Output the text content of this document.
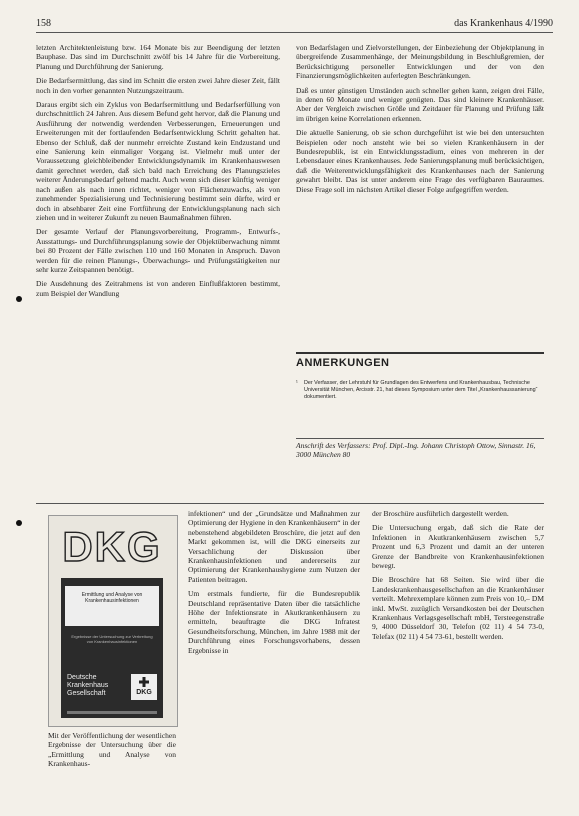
158	das Krankenhaus 4/1990

letzten Architektenleistung bzw. 164 Monate bis zur Beendigung der letzten Bauphase. Das sind im Durchschnitt zwölf bis 14 Jahre für die Vorbereitung, Planung und Durchführung der Sanierung.

Die Bedarfsermittlung, das sind im Schnitt die ersten zwei Jahre dieser Zeit, fällt noch in den vorher genannten Nutzungszeitraum.

Daraus ergibt sich ein Zyklus von Bedarfsermittlung und Bedarfserfüllung von durchschnittlich 24 Jahren. Aus diesem Befund geht hervor, daß die Planung und Ausführung der notwendig werdenden Verbesserungen, Erneuerungen und Erweiterungen mit der fortlaufenden Bedarfsentwicklung Schritt gehalten hat. Ebenso der Schluß, daß der nunmehr erreichte Zustand kein Endzustand und eine Sanierung kein einmaliger Vorgang ist. Vielmehr muß unter der Voraussetzung gleichbleibender Entwicklungsdynamik im Krankenhauswesen damit gerechnet werden, daß sich bald nach Erreichung des Planungszieles weiterer Änderungsbedarf geltend macht. Auch wenn sich dieser künftig weniger nach außen als nach innen richtet, weniger von Flächenzuwachs, als von zunehmender Spezialisierung und Technisierung bestimmt sein dürfte, wird er doch in absehbarer Zeit eine Fortführung der Entwicklungsplanung nach sich ziehen und in weiterer Zukunft zu neuen Baumaßnahmen führen.

Der gesamte Verlauf der Planungsvorbereitung, Programm-, Entwurfs-, Ausstattungs- und Durchführungsplanung sowie der Objektüberwachung nimmt bei 80 Prozent der Fälle zwischen 110 und 160 Monaten in Anspruch. Davon werden für die reinen Planungs-, Überwachungs- und Prüfungstätigkeiten nur sehr kurze Zeitspannen benötigt.

Die Ausdehnung des Zeitrahmens ist von anderen Einflußfaktoren bestimmt, zum Beispiel der Wandlung

von Bedarfslagen und Zielvorstellungen, der Einbeziehung der Objektplanung in übergreifende Zusammenhänge, der Meinungsbildung in Beschlußgremien, der Berücksichtigung personeller Entwicklungen und der von den Finanzierungsmöglichkeiten auferlegten Beschränkungen.

Daß es unter günstigen Umständen auch schneller gehen kann, zeigen drei Fälle, in denen 60 Monate und weniger genügten. Das sind kleinere Krankenhäuser. Aber der Vergleich zwischen Größe und Zeitdauer für Planung und Prüfung läßt im übrigen keine Korrelationen erkennen.

Die aktuelle Sanierung, ob sie schon durchgeführt ist wie bei den untersuchten Beispielen oder noch ansteht wie bei so vielen Krankenhäusern in der Bundesrepublik, ist ein Entwicklungsstadium, eines von mehreren in der Lebensdauer eines Krankenhauses. Jede Sanierungsplanung muß berücksichtigen, daß die Weiterentwicklungsfähigkeit des Krankenhauses nach der Sanierung gewahrt bleibt. Das ist unter anderem eine Frage des verfügbaren Bauraumes. Diese Frage soll im nächsten Artikel dieser Folge aufgegriffen werden.

ANMERKUNGEN
¹ Der Verfasser, der Lehrstuhl für Grundlagen des Entwerfens und Krankenhausbau, Technische Universität München, Arcisstr. 21, hat dieses Symposium unter dem Titel „Krankenhaussanierung“ dokumentiert.
Anschrift des Verfassers: Prof. Dipl.-Ing. Johann Christoph Ottow, Sinnastr. 16, 3000 München 80
DKG
Ermittlung und Analyse von Krankenhausinfektionen
Ergebnisse der Untersuchung zur Verbreitung von Krankenhausinfektionen
Deutsche
Krankenhaus
Gesellschaft	DKG

Mit der Veröffentlichung der wesentlichen Ergebnisse der Untersuchung über die „Ermittlung und Analyse von Krankenhaus-

infektionen“ und der „Grundsätze und Maßnahmen zur Optimierung der Hygiene in den Krankenhäusern“ in der nebenstehend abgebildeten Broschüre, die jetzt auf den Markt gekommen ist, will die DKG einerseits zur Versachlichung der Diskussion über Krankenhausinfektionen und andererseits zur Optimierung der Krankenhaushygiene zum Nutzen der Patienten beitragen.

Um erstmals fundierte, für die Bundesrepublik Deutschland repräsentative Daten über die tatsächliche Höhe der Infektionsrate in Akutkrankenhäusern zu ermitteln, beauftragte die DKG Infratest Gesundheitsforschung, München, im Jahre 1988 mit der Durchführung eines Forschungsvorhabens, dessen Ergebnisse in

der Broschüre ausführlich dargestellt werden.

Die Untersuchung ergab, daß sich die Rate der Infektionen in Akutkrankenhäusern zwischen 5,7 Prozent und 6,3 Prozent und damit an der unteren Grenze der Bandbreite von Krankenhausinfektionen bewegt.

Die Broschüre hat 68 Seiten. Sie wird über die Landeskrankenhausgesellschaften an die Krankenhäuser verteilt. Mehrexemplare können zum Preis von 10,– DM inkl. MwSt. zuzüglich Versandkosten bei der Deutschen Krankenhaus Verlagsgesellschaft mbH, Tersteegenstraße 9, 4000 Düsseldorf 30, Telefon (02 11) 4 54 73-0, Telefax (02 11) 4 54 73-61, bestellt werden.
